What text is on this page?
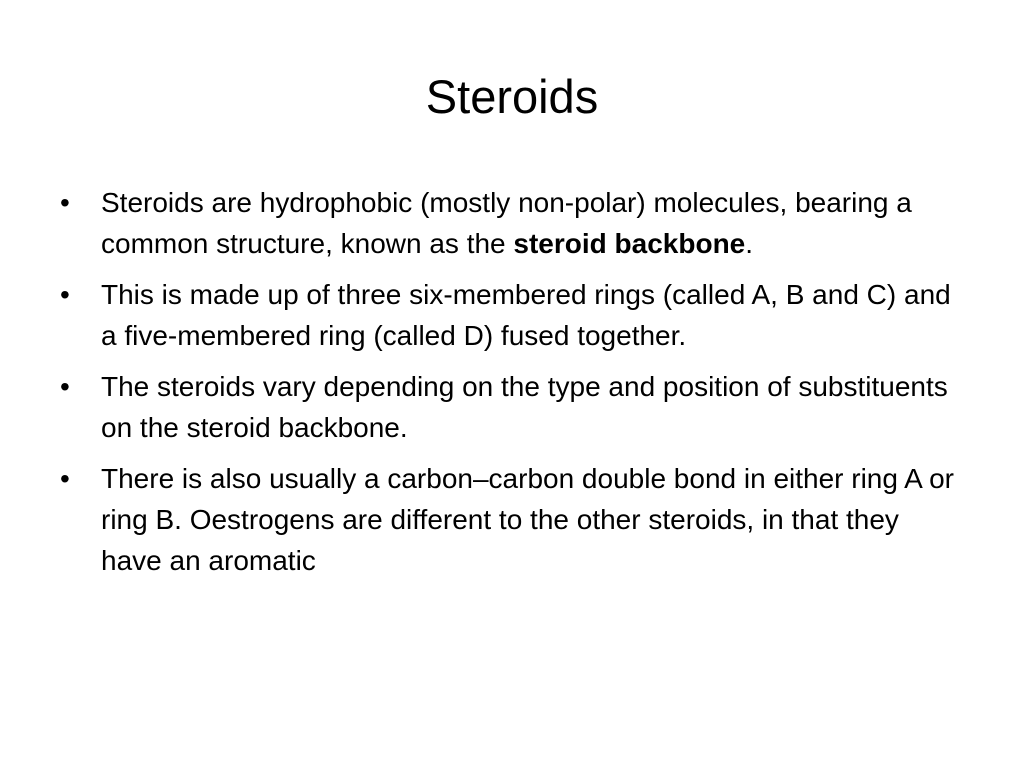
Steroids
•	Steroids are hydrophobic (mostly non-polar) molecules, bearing a common structure, known as the steroid backbone.
•	This is made up of three six-membered rings (called A, B and C) and a five-membered ring (called D) fused together.
•	The steroids vary depending on the type and position of substituents on the steroid backbone.
•	There is also usually a carbon–carbon double bond in either ring A or ring B. Oestrogens are different to the other steroids, in that they have an aromatic
